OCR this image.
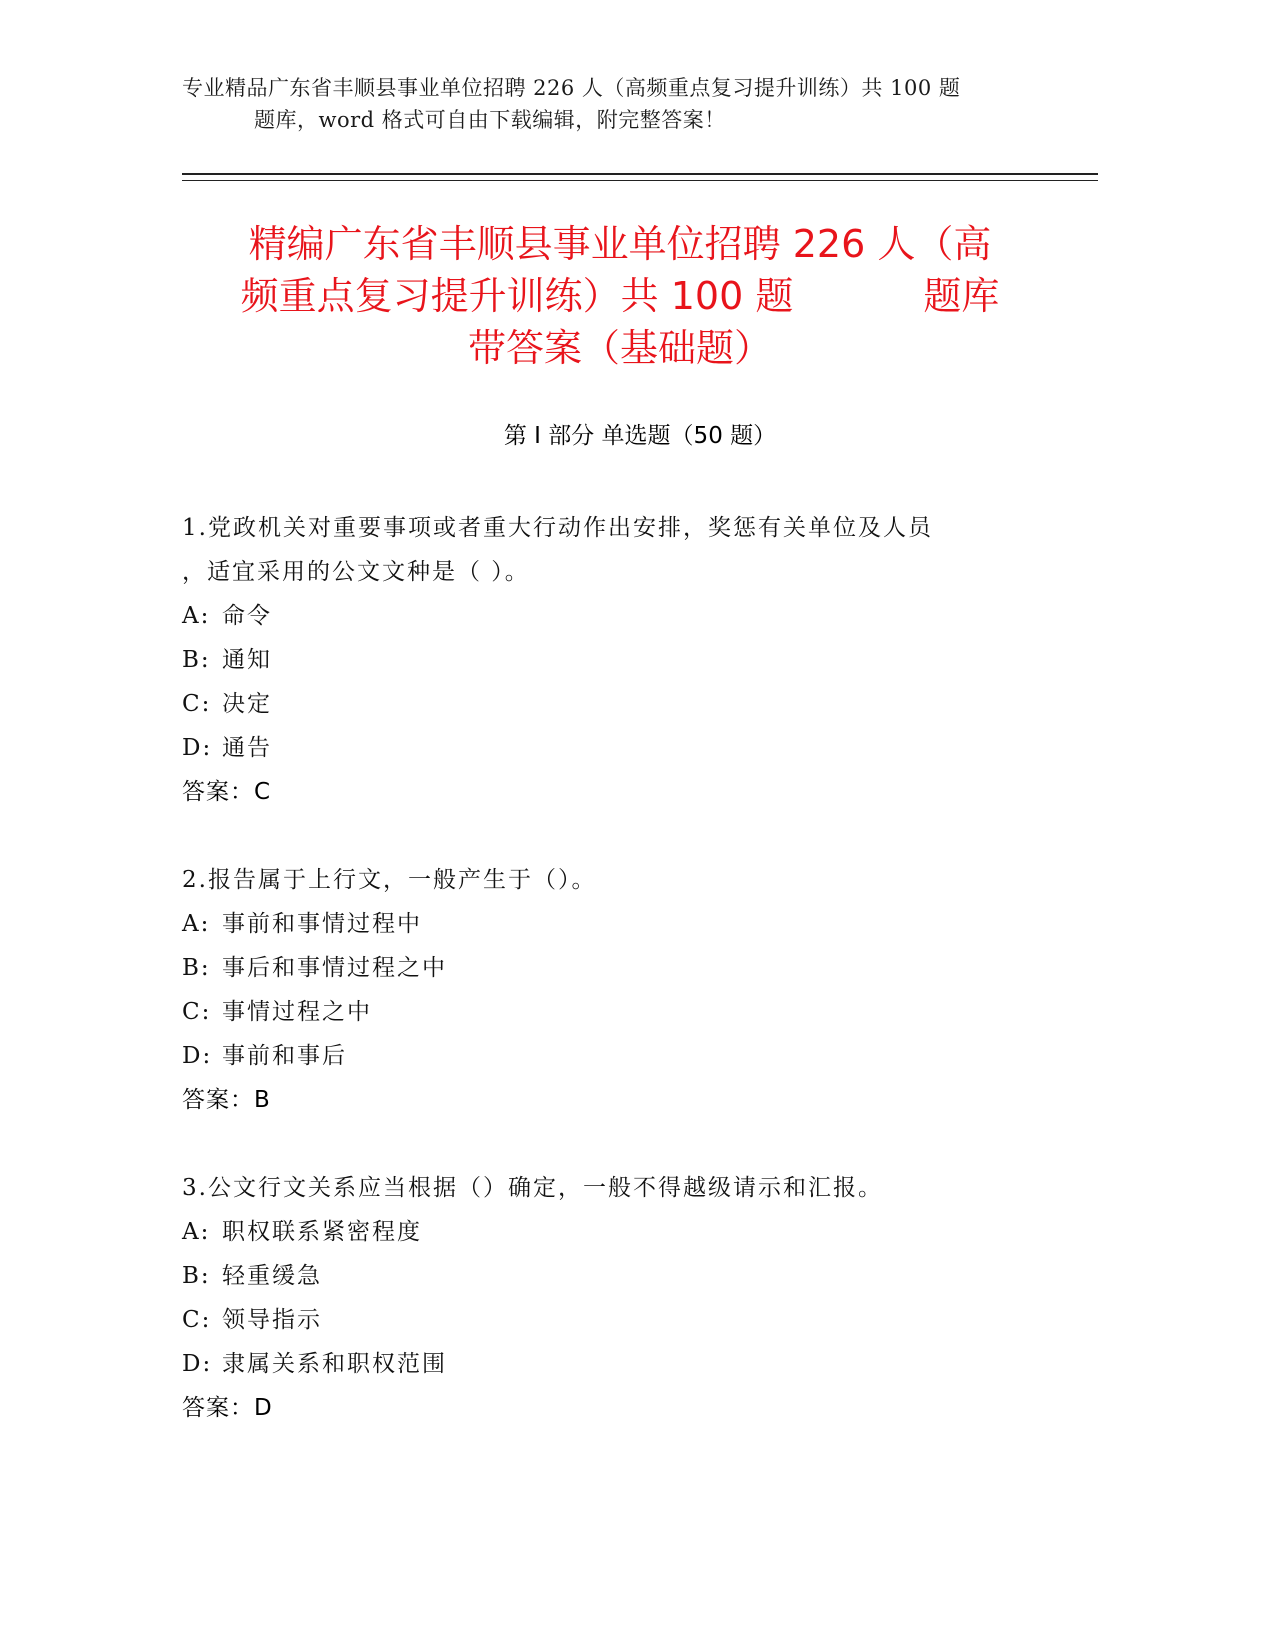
专业精品广东省丰顺县事业单位招聘 226 人（高频重点复习提升训练）共 100 题
题库，word 格式可自由下载编辑，附完整答案！
精编广东省丰顺县事业单位招聘 226 人（高
频重点复习提升训练）共 100 题	题库
带答案（基础题）
第 I 部分 单选题（50 题）
1.党政机关对重要事项或者重大行动作出安排，奖惩有关单位及人员
，适宜采用的公文文种是（ ）。
A: 命令
B: 通知
C: 决定
D: 通告
答案：C
2.报告属于上行文，一般产生于（）。
A: 事前和事情过程中
B: 事后和事情过程之中
C: 事情过程之中
D: 事前和事后
答案：B
3.公文行文关系应当根据（）确定，一般不得越级请示和汇报。
A: 职权联系紧密程度
B: 轻重缓急
C: 领导指示
D: 隶属关系和职权范围
答案：D
